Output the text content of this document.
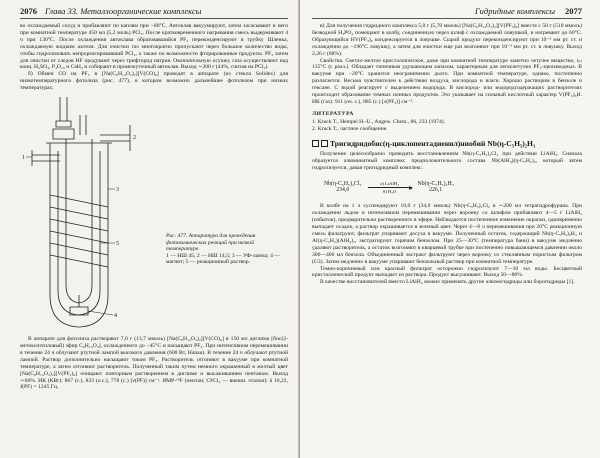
2076 Глава 33. Металлоорганические комплексы

во охлаждаемый сосуд и прибавляют по каплям при −80°C. Автоклав вакуумируют, затем засасывают в него при комнатной температуре 450 мл (5,2 моль) PCl₃. После кратковременного нагревания смесь выдерживают 4 ч при 130°C. После охлаждения автоклава образовавшийся PF₃ переконденсируют в трубку Шленка, охлаждаемую жидким азотом. Для очистки газ многократно пропускают через большое количество воды, чтобы гидролизовать непрореагировавший PCl₃, а также по возможности фторированные продукты. PF₃ затем для очистки от следов HF продувают через трифторид натрия. Окончательную осушку газа осуществляют над конц. H₂SO₄, P₄O₁₀ и CaH₂ и собирают в промежуточный автоклав. Выход ∼200 г (44%, считая на PCl₃).

б) Обмен CO на PF₃ в [Na(C₆H₁₄O₃)₂][V(CO)₆] проводят в аппарате (из стекла Solidex) для низкотемпературного фотолиза (рис. 477), в котором возможно дальнейшее фотолизом при низких температурах.

1
2
3
4
5
Рис. 477. Аппаратура для проведения фотохимических реакций при низкой температуре.
1 — НШ 45; 2 — НШ 14,5; 3 — УФ-лампа; 4 — магнит; 5 — реакционный раствор.

В аппарате для фотолиза растворяют 7,0 г (13,7 ммоль) [Na(C₆H₁₄O₃)₂][V(CO)₆] в 150 мл диглима [бис(2-метоксиэтиловый) эфир C₆H₁₄O₃], охлажденного до −45°C и насыщают PF₃. При интенсивном перемешивании в течение 24 ч облучают ртутной лампой высокого давления (600 Вт, Hanau). В течение 24 ч облучают ртутной лампой. Раствор дополнительно насыщают током PF₃. Растворитель отгоняют в вакууме при комнатной температуре, а затем отгоняют растворитель. Полученный таким путем немного окрашенный в желтый цвет [Na(C₆H₁₄O₃)₂][V(PF₃)₆] очищают повторным растворением в диглиме и высаживанием пентаном. Выход ∼60%. ИК (КВг): 867 (с.), 833 (о.с.), 778 (с.) [ν(PF)] см⁻¹. ЯМР-¹⁹F (пентан; CFCl₃ — внешн. эталон): δ 10,22, J(PF) = 1245 Гц.

Гидридные комплексы 2077

в) Для получения гидридного комплекса 5,0 г (5,70 ммоль) [Na(C₆H₁₄O₃)₂][V(PF₃)₆] вместе с 50 г (510 ммоль) безводной H₃PO₄ помещают в колбу, соединенную через шлиф с охлаждаемой ловушкой, и нагревают до 60°C. Образующийся HV(PF₃)₆ конденсируется в ловушке. Сырой продукт переконденсируют при 10⁻³ мм рт. ст. и охлаждении до −196°C ловушку, а затем для очистки еще раз возгоняют при 10⁻³ мм рт. ст. в ловушку. Выход 2,26 г (68%).

Свойства. Светло-желтое кристаллическое, даже при комнатной температуре заметно летучее вещество, tₚₗ 135°C (с разл.). Обладает типичным удушающим запахом, характерным для легколетучих PF₃-производных. В вакууме при −20°C хранится неограниченно долго. При комнатной температуре, однако, постепенно разлагается. Весьма чувствителен к действию воздуха, кислорода и влаги. Хорошо растворим в бензоле и гексане. С водой реагирует с выделением водорода. В кислород- или водородсодержащих растворителях происходит образование темных ионных продуктов. Это указывает на сильный кислотный характер V(PF₃)₆H. ИК (газ): 911 (оч. с.), 885 (с.) [ν(PF₃)] см⁻¹.

ЛИТЕРАТУРА
1. Kruck T., Hempel H.-U., Angew. Chem., 86, 233 (1974).
2. Kruck T., частное сообщение.
Тригидридобис(η-циклопентадиенил)ниобий Nb(η-C₅H₅)₂H₃

Получение целесообразно проводить восстановлением Nb(η-C₅H₅)₂Cl₂ при действии LiAlH₄. Сначала образуется алюминатный комплекс предположительного состава Nb(AlH₄)(η-C₅H₅)₂, который затем гидролизуется, давая тригидридный комплекс.

Nb(η-C₅H₅)₂Cl₂
234,0
а) LiAlH₄
б) H₂O
Nb(η-C₅H₅)₂H₃
226,1

В колбе на 1 л суспендируют 10,0 г (34,0 ммоль) Nb(η-C₅H₅)₂Cl₂ в ∼200 мл тетрагидрофурана. При охлаждении льдом и интенсивном перемешивании через воронку со шлифом прибавляют 4—5 г LiAlH₄ (избыток), предварительно растворенного в эфире. Наблюдается постепенное изменение окраски, одновременно выпадает осадок, а раствор окрашивается в зеленый цвет. Через 4—6 ч перемешивания при 20°C реакционную смесь фильтруют, фильтрат упаривают досуха в вакууме. Полученный остаток, содержащий Nb(η-C₅H₅)₂H₃ и Al(η-C₅H₅)(AlH₄)₂, экстрагируют горячим бензолом. При 25—30°C (температура бани) в вакууме медленно удаляют растворитель, а остаток возгоняют в кварцевой трубке при постепенно повышающемся давлении около 300—400 мл бензола. Объединенный экстракт фильтруют через воронку со стеклянным пористым фильтром (G3). Затем медленно в вакууме упаривают бензольный раствор при комнатной температуре.

Темно-коричневый или красный фильтрат осторожно гидролизуют 7—10 мл воды. Бесцветный кристаллический продукт выпадает из раствора. Продукт высушивают. Выход 50—80%.

В качестве восстановителей вместо LiAlH₄ можно применять другие алюмогидриды или борогидриды [1].
